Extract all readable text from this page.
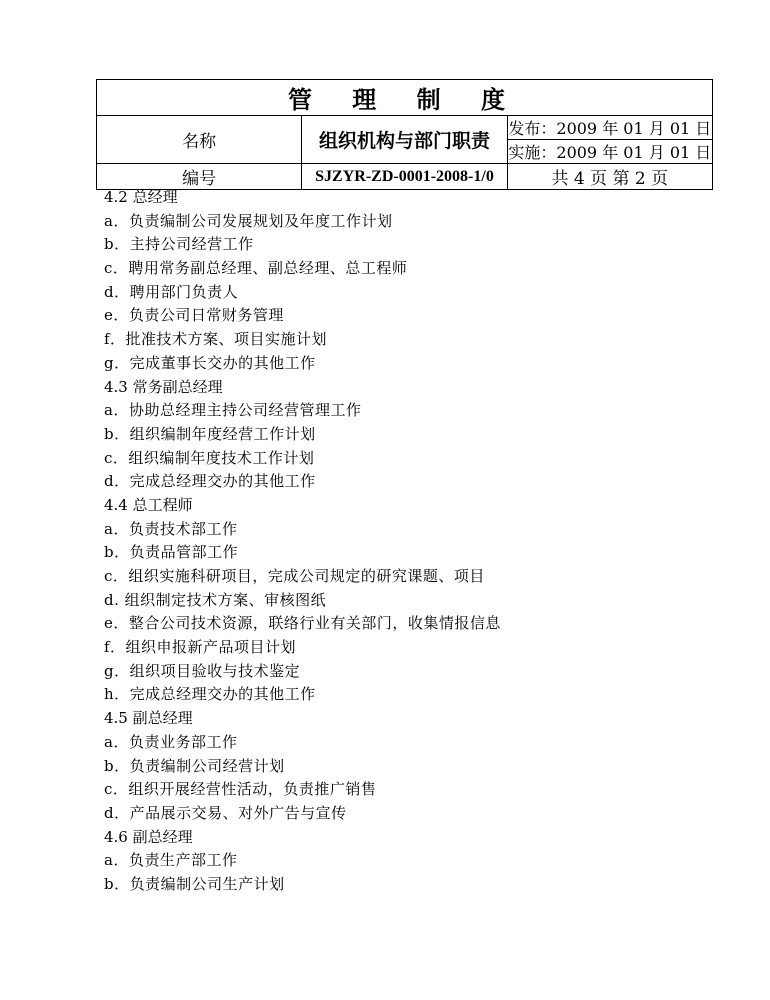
管 理 制 度		
名称	组织机构与部门职责	发布：2009 年 01 月 01 日
		实施：2009 年 01 月 01 日
编号	SJZYR-ZD-0001-2008-1/0	共 4 页 第 2 页
4.2 总经理
a．负责编制公司发展规划及年度工作计划
b．主持公司经营工作
c．聘用常务副总经理、副总经理、总工程师
d．聘用部门负责人
e．负责公司日常财务管理
f．批准技术方案、项目实施计划
g．完成董事长交办的其他工作
4.3 常务副总经理
a．协助总经理主持公司经营管理工作
b．组织编制年度经营工作计划
c．组织编制年度技术工作计划
d．完成总经理交办的其他工作
4.4 总工程师
a．负责技术部工作
b．负责品管部工作
c．组织实施科研项目，完成公司规定的研究课题、项目
d. 组织制定技术方案、审核图纸
e．整合公司技术资源，联络行业有关部门，收集情报信息
f．组织申报新产品项目计划
g．组织项目验收与技术鉴定
h．完成总经理交办的其他工作
4.5 副总经理
a．负责业务部工作
b．负责编制公司经营计划
c．组织开展经营性活动，负责推广销售
d．产品展示交易、对外广告与宣传
4.6 副总经理
a．负责生产部工作
b．负责编制公司生产计划
